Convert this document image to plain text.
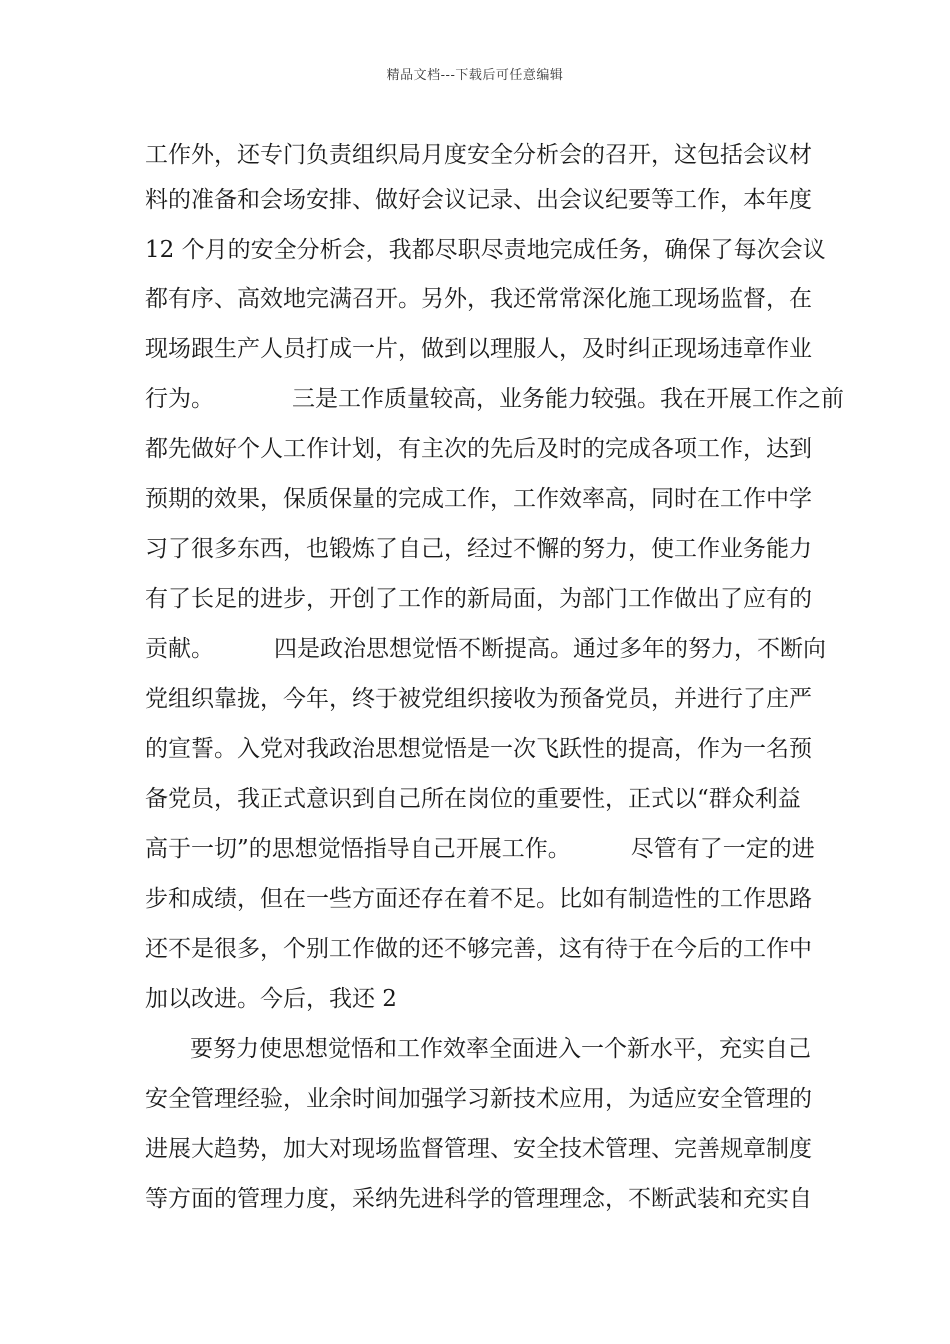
精品文档---下载后可任意编辑
工作外，还专门负责组织局月度安全分析会的召开，这包括会议材
料的准备和会场安排、做好会议记录、出会议纪要等工作，本年度
12 个月的安全分析会，我都尽职尽责地完成任务，确保了每次会议
都有序、高效地完满召开。另外，我还常常深化施工现场监督，在
现场跟生产人员打成一片，做到以理服人，及时纠正现场违章作业
行为。	三是工作质量较高，业务能力较强。我在开展工作之前
都先做好个人工作计划，有主次的先后及时的完成各项工作，达到
预期的效果，保质保量的完成工作，工作效率高，同时在工作中学
习了很多东西，也锻炼了自己，经过不懈的努力，使工作业务能力
有了长足的进步，开创了工作的新局面，为部门工作做出了应有的
贡献。	四是政治思想觉悟不断提高。通过多年的努力，不断向
党组织靠拢，今年，终于被党组织接收为预备党员，并进行了庄严
的宣誓。入党对我政治思想觉悟是一次飞跃性的提高，作为一名预
备党员，我正式意识到自己所在岗位的重要性，正式以“群众利益
高于一切”的思想觉悟指导自己开展工作。	尽管有了一定的进
步和成绩，但在一些方面还存在着不足。比如有制造性的工作思路
还不是很多，个别工作做的还不够完善，这有待于在今后的工作中
加以改进。今后，我还 2
要努力使思想觉悟和工作效率全面进入一个新水平，充实自己
安全管理经验，业余时间加强学习新技术应用，为适应安全管理的
进展大趋势，加大对现场监督管理、安全技术管理、完善规章制度
等方面的管理力度，采纳先进科学的管理理念，不断武装和充实自
